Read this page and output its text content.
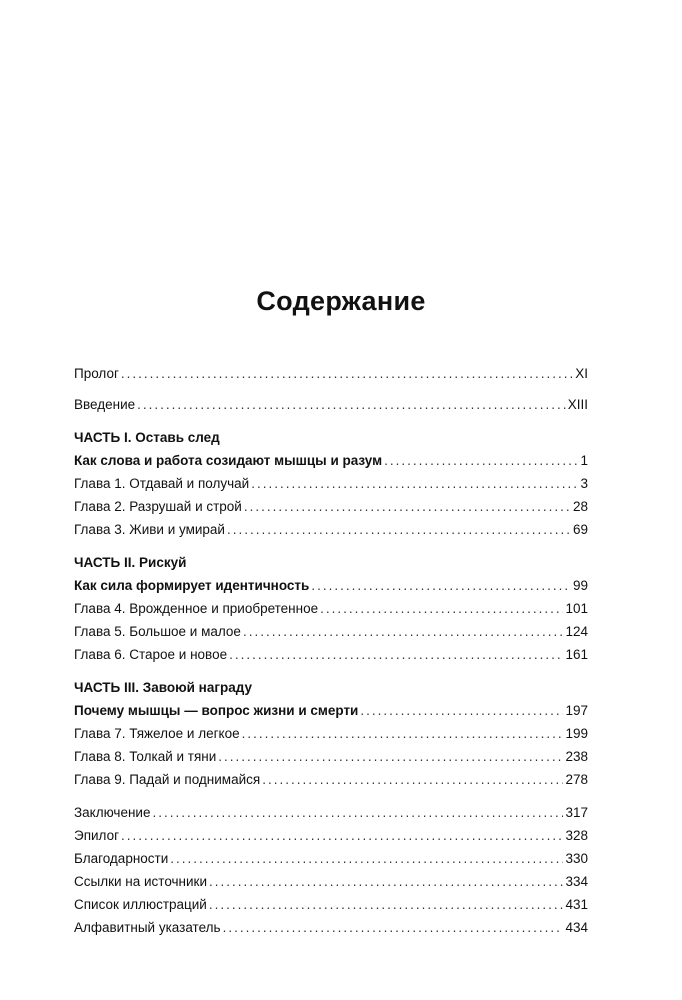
Содержание
Пролог .....	XI
Введение .....	XIII
ЧАСТЬ I. Оставь след
Как слова и работа созидают мышцы и разум .....	1
Глава 1. Отдавай и получай .....	3
Глава 2. Разрушай и строй .....	28
Глава 3. Живи и умирай .....	69
ЧАСТЬ II. Рискуй
Как сила формирует идентичность .....	99
Глава 4. Врожденное и приобретенное .....	101
Глава 5. Большое и малое .....	124
Глава 6. Старое и новое .....	161
ЧАСТЬ III. Завоюй награду
Почему мышцы — вопрос жизни и смерти .....	197
Глава 7. Тяжелое и легкое .....	199
Глава 8. Толкай и тяни .....	238
Глава 9. Падай и поднимайся .....	278
Заключение .....	317
Эпилог .....	328
Благодарности .....	330
Ссылки на источники .....	334
Список иллюстраций .....	431
Алфавитный указатель .....	434
